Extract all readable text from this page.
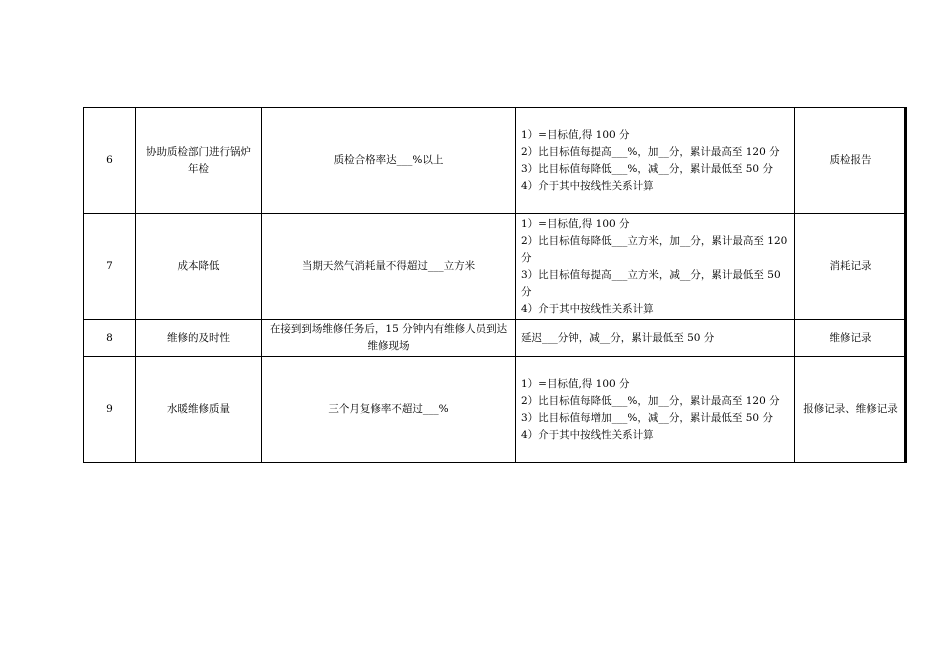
6	协助质检部门进行锅炉年检	质检合格率达___%以上	1）=目标值,得 100 分
2）比目标值每提高___%，加__分，累计最高至 120 分
3）比目标值每降低___%，减__分，累计最低至 50 分
4）介于其中按线性关系计算	质检报告
7	成本降低	当期天然气消耗量不得超过___立方米	1）=目标值,得 100 分
2）比目标值每降低___立方米，加__分，累计最高至 120 分
3）比目标值每提高___立方米，减__分，累计最低至 50 分
4）介于其中按线性关系计算	消耗记录
8	维修的及时性	在接到到场维修任务后，15 分钟内有维修人员到达维修现场	延迟___分钟，减__分，累计最低至 50 分	维修记录
9	水暖维修质量	三个月复修率不超过___%	1）=目标值,得 100 分
2）比目标值每降低___%，加__分，累计最高至 120 分
3）比目标值每增加___%，减__分，累计最低至 50 分
4）介于其中按线性关系计算	报修记录、维修记录
